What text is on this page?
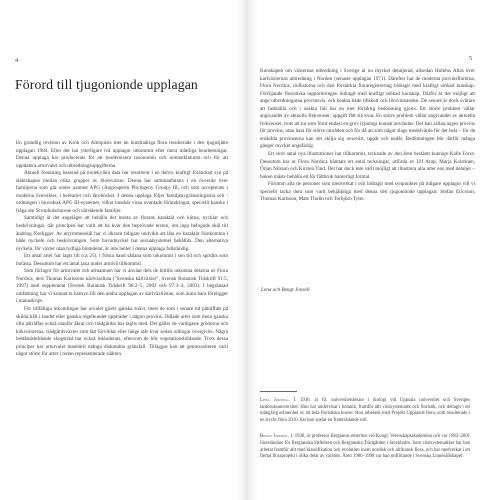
4
Förord till tjugonionde upplagan

En grundlig revision av Krok och Almquists mer än hundraåriga flora resulterade i den tjugosjätte upplagan 1984. Efter det har ytterligare två upplagor utkommit efter mera måttliga bearbetningar. Denna upplaga har producerats för att modernisera taxonomin och nomenklaturen och för att uppdatera arturvalet och utbredningsuppgifterna.

Aktuell forskning baserad på molekylära data har resulterat i en delvis kraftigt förändrad syn på släktskapen mellan olika grupper av blomväxter. Denna har sammanfattats i en översikt över familjerna som går under namnet APG (Angiosperm Phylogeny Group) III, och som accepterats i moderna översikter, i herbarier och läroböcker. I denna upplaga följer familjeavgränsningarna och -ordningen i huvudsak APG III-systemet, vilket innebär vissa ovantade förändringar, speciellt kanske i fråga om Scrophulariaceae och närstående familjer.

Samtidigt är det angeläget att behålla det mesta av florans karaktär och kärna, nycklar och beskrivningar, där principen har varit att ha kvar den beprövade texten, om inga befogade skäl till ändring föreligger. Av utrymmesskäl har vi liksom tidigare undvikit att låta en karaktär förekomma i både nyckeln och beskrivningen. Som huvudnyckel har sexualsystemet behållits. Den alternativa nyckeln, för växter utan tydliga blomdelar, är inte heller i denna upplaga fullständig.

Ett antal arter har lagts till (ca 25), i första hand sådana som inkommit i sen tid och spridits som bofasta. Dessutom har ett antal taxa under artnivå tillkommit.

Som förlagor för arturvalet och artnamnen har vi använt dels de hittills utkomna delarna av Flora Nordica, dels Thomas Karlssons kärlväxtlista ("Svenska kärlväxter", Svensk Botanisk Tidskrift 91:5, 1997) med supplement (Svensk Botanisk Tidskrift 96:2–5, 2002 och 97:3–4, 2003). I begränsad omfattning har vi kunnat ta hänsyn till den andra upplagan av kärlväxtlistan, som ännu bara föreligger i manuskript.

För tillfälliga inkomlingar har urvalet gjorts ganska snävt, mest de som i senare tid påträffats på skilda håll i landet eller ganska regelbundet uppträder i någon provins. Odlade arter som mera ganska ofta påträffas också utanför åkrar och trädgårdar har tagits med. Det gäller de vanligaste grödorna och köksväxterna, trädgårdsväxter som lätt förvildas eller länge står kvar sedan odlingar övergivits. Några beståndsbildande skogsträd har också inkluderats, eftersom de blir vegetationsbildande. Trots dessa principer har arturvalet innebärit många diskutabla gränsfall. Tilläggas kan att geniezositeten varit något större för arter i redan representerade släkten.

5

Kunskapen om växternas utbredning i Sverige är nu mycket detaljerad, allsedan Hulténs Atlas över kärlväxternas utbredning i Norden (senaste upplagan 1971). Därefter har de moderna provinsflorerna, Flora Nordica, rödlistorna och den förstärkta floraregistrering bidragit med kraftigt utökad kunskap. Förföjande floristiska rapporteringen bidragit med kraftigt utökad kunskap. Därför är det möjligt att ange utbredningarna provinsvis, och beakta både tillskott och försvinnanden. De senare är dock svårare att fastställa och i osäkra fall har en mer försiktig bedömning gjorts. Ett större problem vållar angivandet av aktuella frekvenser, uppgift fått stå kvar. En större problem vållar angivandet av aktuella frekvenser, trots att nu som förut endast en grov typologi kunnat användas. Det kan sällan anges provins för provins, utan bara för större områden och för då att som något slags medelvärde för det hela – för de enskilda provinserna kan det skilja sig avsevärt, uppåt och nedåt. Bedömningen blir därför många gånger mycket ungefärlig.

Ett stort antal nya illustrationer har tillkommit, tecknade av den åren bestämt kunnige Kalle Forss. Dessutom har ur Flora Nordica hämtats ett antal teckningar, utförda av Ulf Arup, Marja Koistinen, Örjan Nilsson och Kirsten Tind. Det har dock inte varit möjligt att illustrera alla arter ens med detaljer – boken måste behålla ett för fältbruk hanterligt format.

Förutom alla de personer som medverkat i och bidragit med synpunkter på tidigare upplagor vill vi speciellt tacka dem som varit behjälpliga med denna den tjugonionde upplagan: Stefan Ericsson, Thomas Karlsson, Mats Thulin och Torbjörn Tyler.

Lena och Bengt Jonsell

Lena Jonsell, f. 1936, är fil. universitetslektor i biologi vid Uppsala universitet och Sveriges lantbruksuniversitet. Hon har undervisat i botanik, framför allt växtsystematik och floristik, och deltagit i ett mångårig erfarenhet av att leda floristiska kurser. Hon arbetade med Projekt Upplands flora, som resulterade i en tryckt flora 2010, har hon spelat en framträdande roll.

Bengt Jonsell, f. 1936, är professor Bergianus emeritus vid Kungl. Vetenskapsakademien och var 1983–2001 föreståndare för Bergianska Stiftelsen och Bergianska Trädgården i Stockholm. Som växtsystematiker har han arbetat framför allt med klassifikation och evolution inom nordisk och afrikansk flora, och har medverkat i ett flertal floraprojekt i olika delar av världen. Åren 1986–1998 var han ordförande i Svenska Linnésällskapet.
